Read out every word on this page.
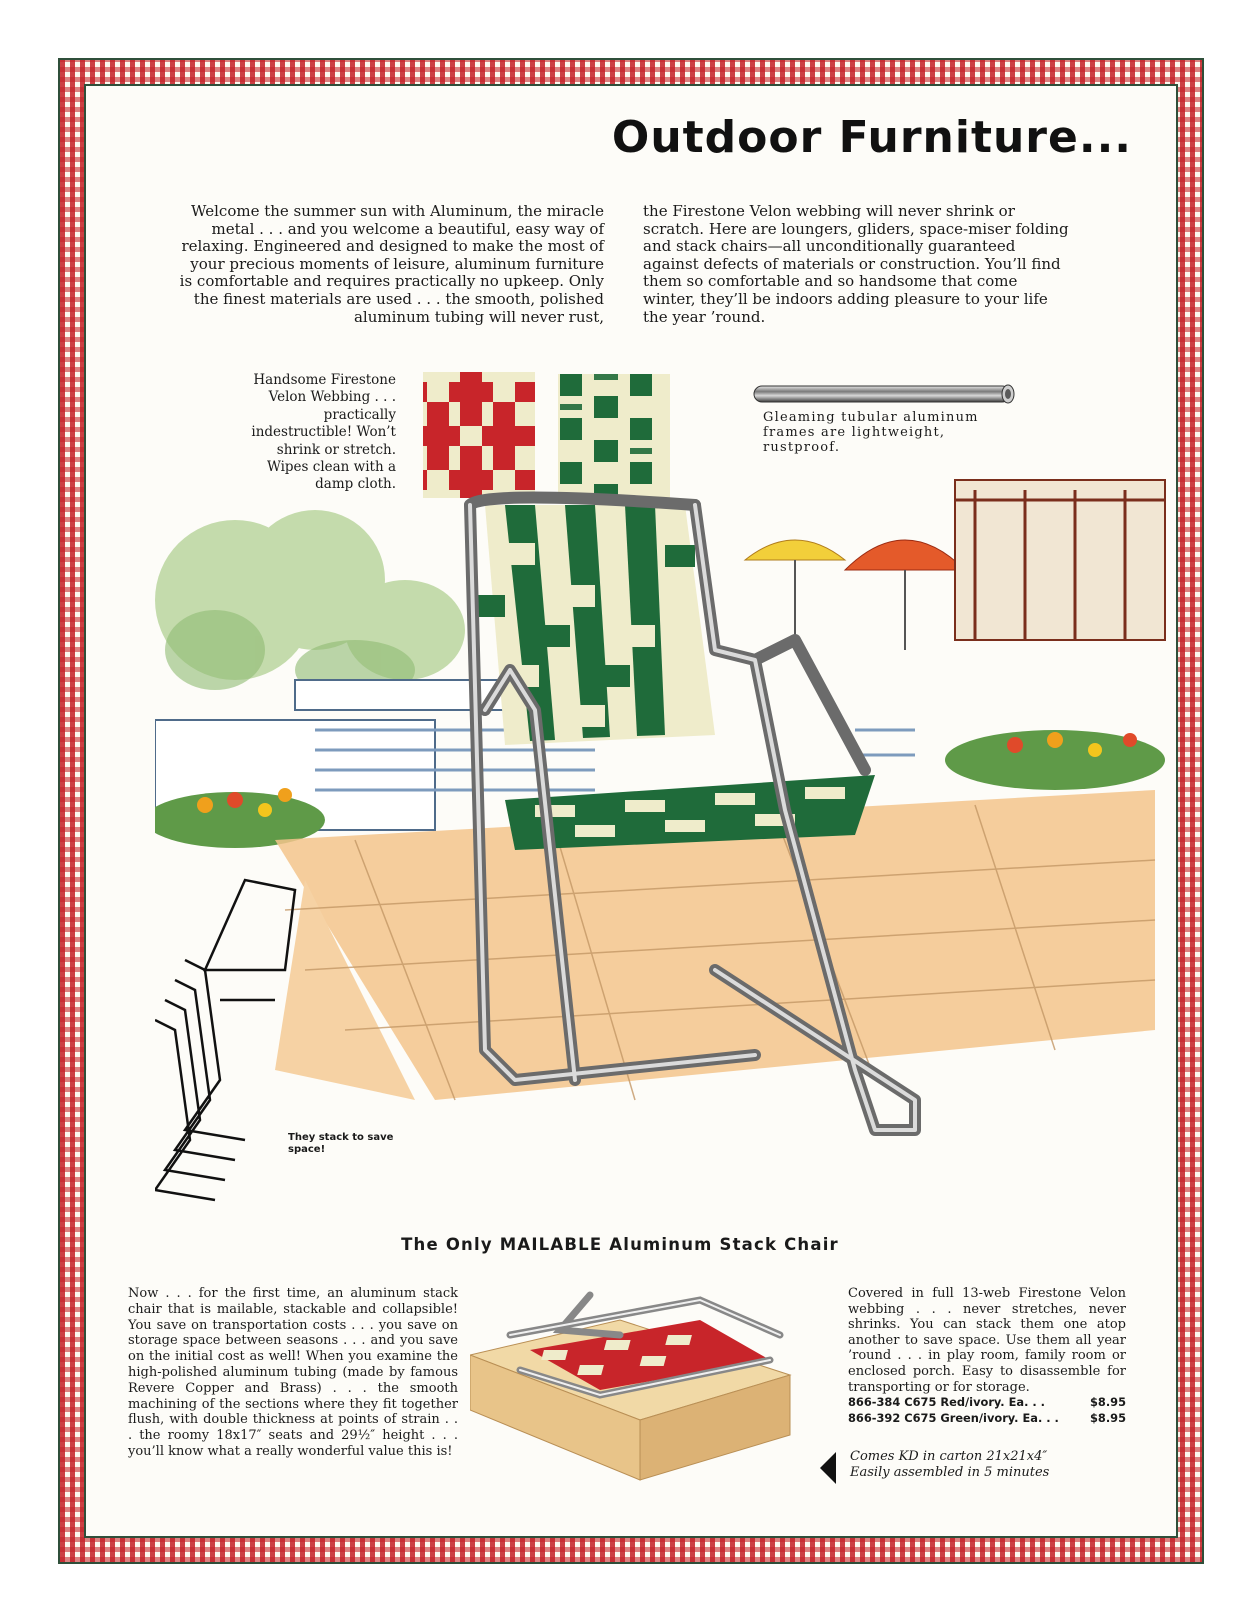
Outdoor Furniture...
Welcome the summer sun with Aluminum, the miracle metal . . . and you welcome a beautiful, easy way of relaxing. Engineered and designed to make the most of your precious moments of leisure, aluminum furniture is comfortable and requires practically no upkeep. Only the finest materials are used . . . the smooth, polished aluminum tubing will never rust,
the Firestone Velon webbing will never shrink or scratch. Here are loungers, gliders, space-miser folding and stack chairs—all unconditionally guaranteed against defects of materials or construction. You’ll find them so comfortable and so handsome that come winter, they’ll be indoors adding pleasure to your life the year ’round.
Handsome Firestone Velon Webbing . . . practically indestructible! Won’t shrink or stretch. Wipes clean with a damp cloth.
Gleaming tubular aluminum frames are lightweight, rustproof.
They stack to save space!
The Only MAILABLE Aluminum Stack Chair
Now . . . for the first time, an aluminum stack chair that is mailable, stackable and collapsible! You save on transportation costs . . . you save on storage space between seasons . . . and you save on the initial cost as well! When you examine the high-polished aluminum tubing (made by famous Revere Copper and Brass) . . . the smooth machining of the sections where they fit together flush, with double thickness at points of strain . . . the roomy 18x17″ seats and 29½″ height . . . you’ll know what a really wonderful value this is!
Covered in full 13-web Firestone Velon webbing . . . never stretches, never shrinks. You can stack them one atop another to save space. Use them all year ’round . . . in play room, family room or enclosed porch. Easy to disassemble for transporting or for storage.
866-384 C675 Red/ivory. Ea. . .	$8.95
866-392 C675 Green/ivory. Ea. . .	$8.95
Comes KD in carton 21x21x4″
Easily assembled in 5 minutes
